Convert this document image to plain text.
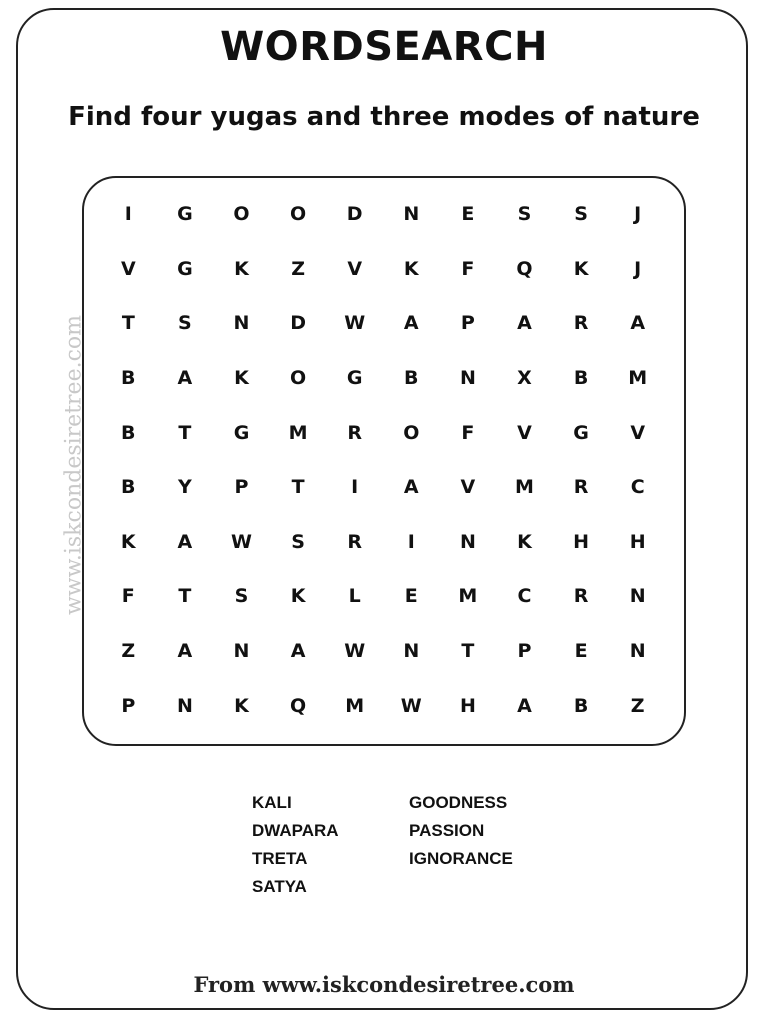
WORDSEARCH
Find four yugas and three modes of nature
www.iskcondesiretree.com
I	G	O	O	D	N	E	S	S	J
V	G	K	Z	V	K	F	Q	K	J
T	S	N	D	W	A	P	A	R	A
B	A	K	O	G	B	N	X	B	M
B	T	G	M	R	O	F	V	G	V
B	Y	P	T	I	A	V	M	R	C
K	A	W	S	R	I	N	K	H	H
F	T	S	K	L	E	M	C	R	N
Z	A	N	A	W	N	T	P	E	N
P	N	K	Q	M	W	H	A	B	Z
KALI
DWAPARA
TRETA
SATYA
GOODNESS
PASSION
IGNORANCE
From www.iskcondesiretree.com
